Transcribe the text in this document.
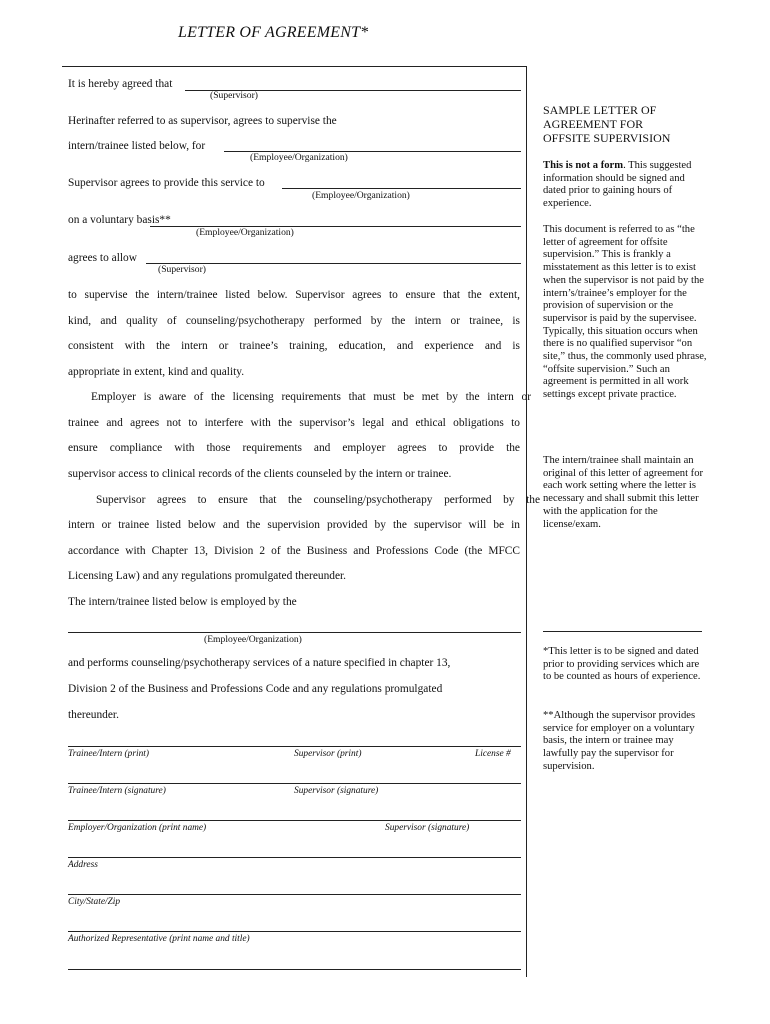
LETTER OF AGREEMENT*
It is hereby agreed that
(Supervisor)
Herinafter referred to as supervisor, agrees to supervise the
intern/trainee listed below, for
(Employee/Organization)
Supervisor agrees to provide this service to
(Employee/Organization)
on a voluntary basis**
(Employee/Organization)
agrees to allow
(Supervisor)
to supervise the intern/trainee listed below. Supervisor agrees to ensure that the extent,
kind, and quality of counseling/psychotherapy performed by the intern or trainee, is
consistent with the intern or trainee’s training, education, and experience and is
appropriate in extent, kind and quality.
Employer is aware of the licensing requirements that must be met by the intern or
trainee and agrees not to interfere with the supervisor’s legal and ethical obligations to
ensure compliance with those requirements and employer agrees to provide the
supervisor access to clinical records of the clients counseled by the intern or trainee.
Supervisor agrees to ensure that the counseling/psychotherapy performed by the
intern or trainee listed below and the supervision provided by the supervisor will be in
accordance with Chapter 13, Division 2 of the Business and Professions Code (the MFCC
Licensing Law) and any regulations promulgated thereunder.
The intern/trainee listed below is employed by the
(Employee/Organization)
and performs counseling/psychotherapy services of a nature specified in chapter 13,
Division 2 of the Business and Professions Code and any regulations promulgated
thereunder.
Trainee/Intern (print)	Supervisor (print)	License #
Trainee/Intern (signature)	Supervisor (signature)
Employer/Organization (print name)	Supervisor (signature)
Address
City/State/Zip
Authorized Representative (print name and title)
SAMPLE LETTER OF AGREEMENT FOR OFFSITE SUPERVISION
This is not a form. This suggested information should be signed and dated prior to gaining hours of experience.
This document is referred to as “the letter of agreement for offsite supervision.” This is frankly a misstatement as this letter is to exist when the supervisor is not paid by the intern’s/trainee’s employer for the provision of supervision or the supervisor is paid by the supervisee. Typically, this situation occurs when there is no qualified supervisor “on site,” thus, the commonly used phrase, “offsite supervision.” Such an agreement is permitted in all work settings except private practice.
The intern/trainee shall maintain an original of this letter of agreement for each work setting where the letter is necessary and shall submit this letter with the application for the license/exam.
*This letter is to be signed and dated prior to providing services which are to be counted as hours of experience.
**Although the supervisor provides service for employer on a voluntary basis, the intern or trainee may lawfully pay the supervisor for supervision.
